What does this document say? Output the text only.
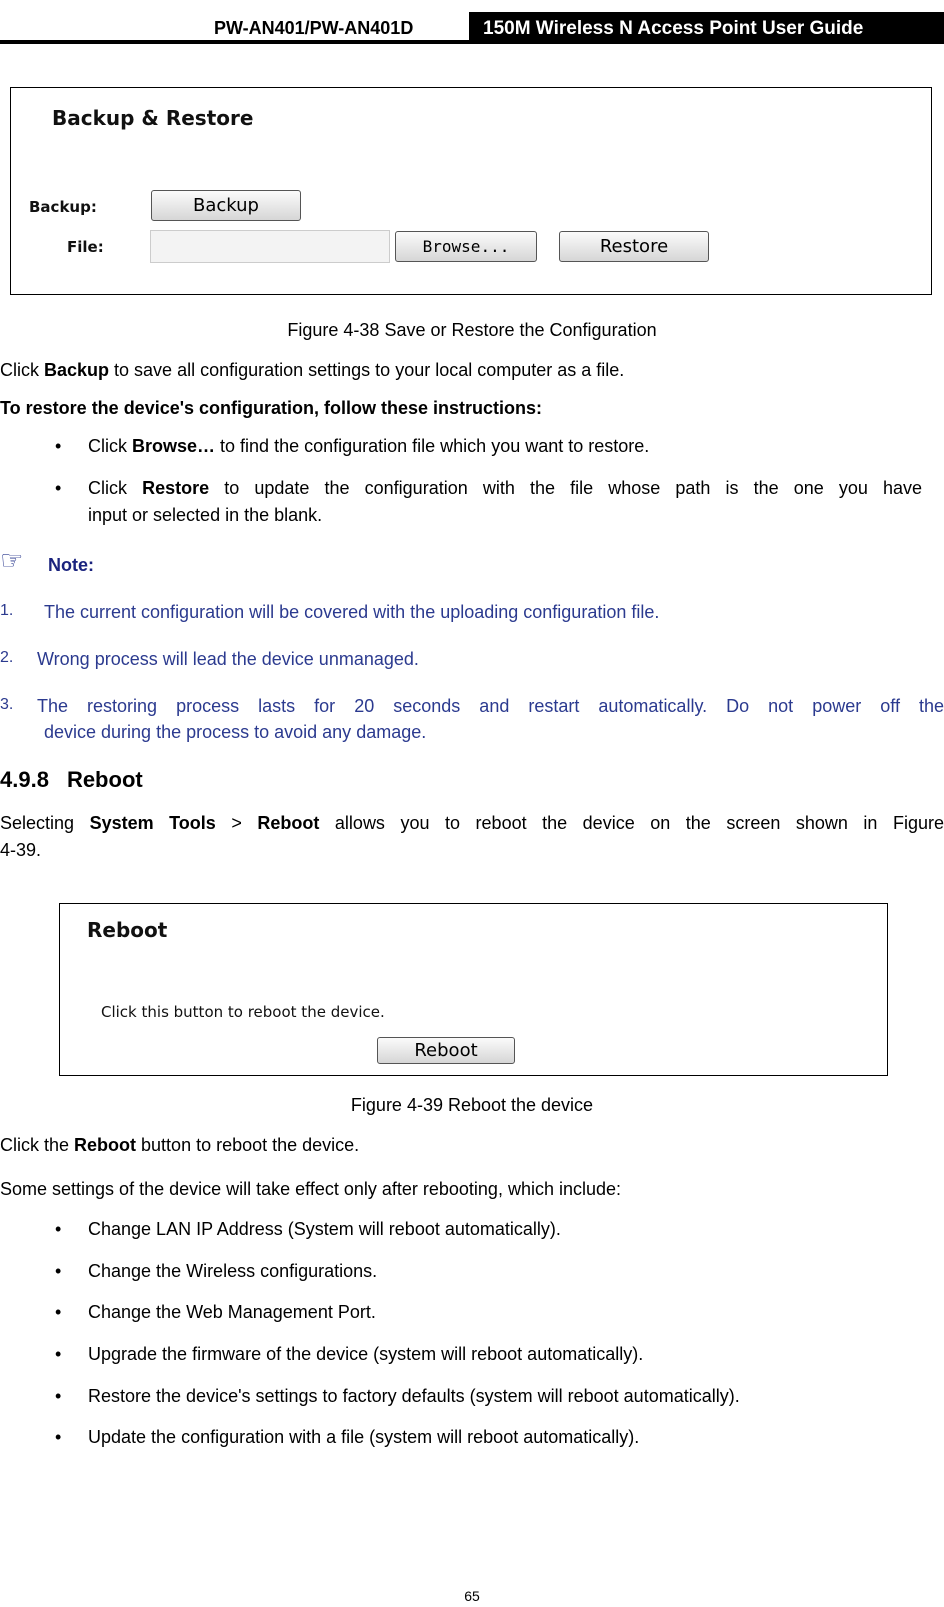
PW-AN401/PW-AN401D	150M Wireless N Access Point User Guide
Backup & Restore
Backup:	Backup
File:	Browse...	Restore
Figure 4-38 Save or Restore the Configuration
Click Backup to save all configuration settings to your local computer as a file.
To restore the device's configuration, follow these instructions:
• Click Browse… to find the configuration file which you want to restore.
• Click Restore to update the configuration with the file whose path is the one you have
input or selected in the blank.
☞ Note:
1. The current configuration will be covered with the uploading configuration file.
2. Wrong process will lead the device unmanaged.
3. The restoring process lasts for 20 seconds and restart automatically. Do not power off the
device during the process to avoid any damage.
4.9.8 Reboot
Selecting System Tools > Reboot allows you to reboot the device on the screen shown in Figure
4-39.
Reboot
Click this button to reboot the device.
Reboot
Figure 4-39 Reboot the device
Click the Reboot button to reboot the device.
Some settings of the device will take effect only after rebooting, which include:
• Change LAN IP Address (System will reboot automatically).
• Change the Wireless configurations.
• Change the Web Management Port.
• Upgrade the firmware of the device (system will reboot automatically).
• Restore the device's settings to factory defaults (system will reboot automatically).
• Update the configuration with a file (system will reboot automatically).
65
